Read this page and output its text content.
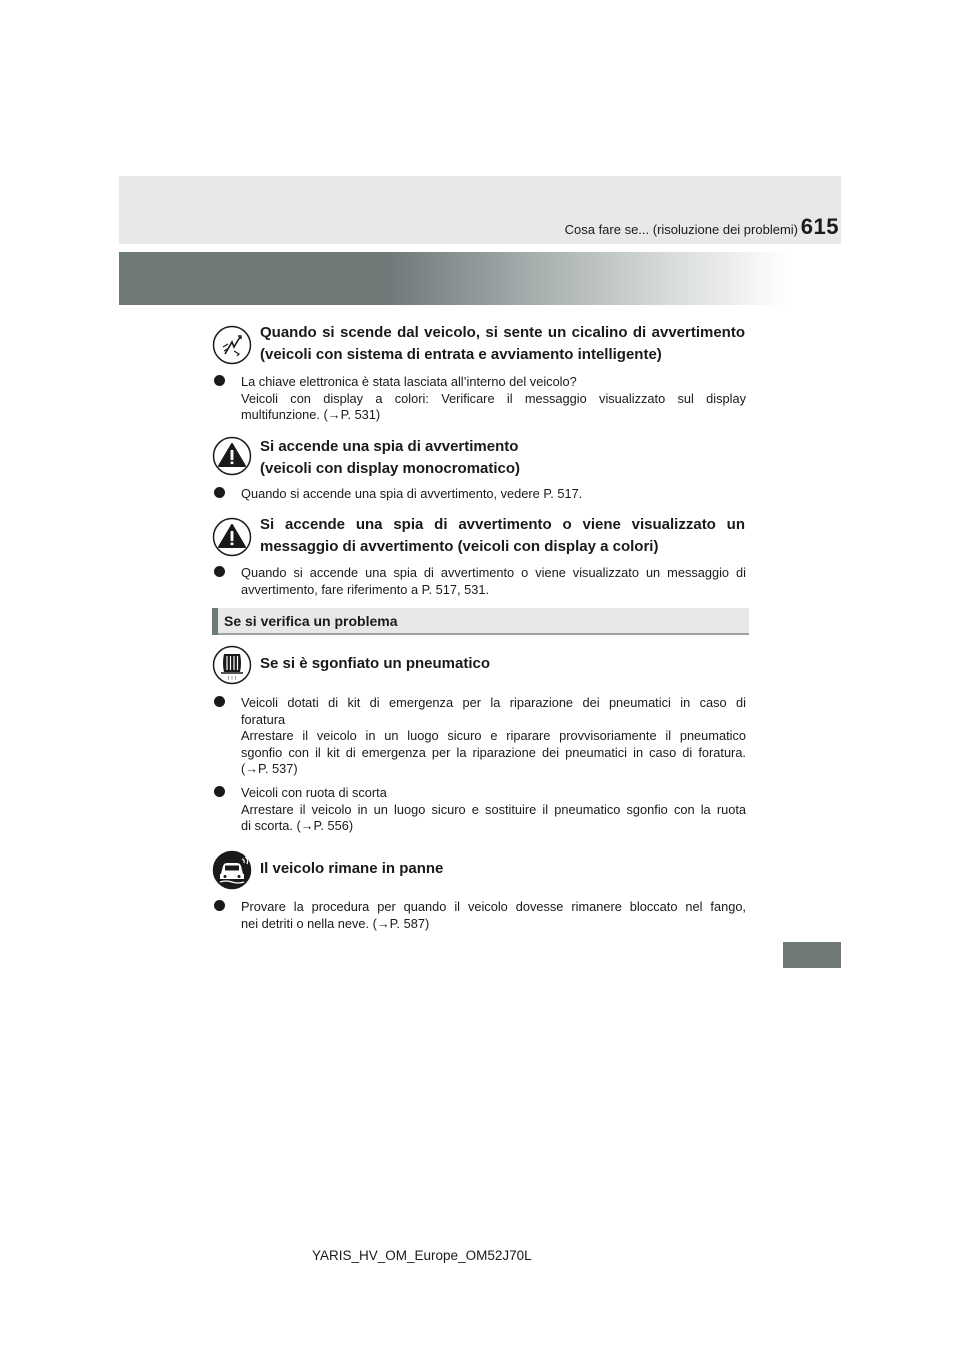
Cosa fare se... (risoluzione dei problemi) 615
Quando si scende dal veicolo, si sente un cicalino di avvertimento
(veicoli con sistema di entrata e avviamento intelligente)
La chiave elettronica è stata lasciata all’interno del veicolo?
Veicoli con display a colori: Verificare il messaggio visualizzato sul display
multifunzione. (→P. 531)
Si accende una spia di avvertimento
(veicoli con display monocromatico)
Quando si accende una spia di avvertimento, vedere P. 517.
Si accende una spia di avvertimento o viene visualizzato un
messaggio di avvertimento (veicoli con display a colori)
Quando si accende una spia di avvertimento o viene visualizzato un messaggio di
avvertimento, fare riferimento a P. 517, 531.
Se si verifica un problema
! ! !
Se si è sgonfiato un pneumatico
Veicoli dotati di kit di emergenza per la riparazione dei pneumatici in caso di
foratura
Arrestare il veicolo in un luogo sicuro e riparare provvisoriamente il pneumatico
sgonfio con il kit di emergenza per la riparazione dei pneumatici in caso di foratura.
(→P. 537)
Veicoli con ruota di scorta
Arrestare il veicolo in un luogo sicuro e sostituire il pneumatico sgonfio con la ruota
di scorta. (→P. 556)
Il veicolo rimane in panne
Provare la procedura per quando il veicolo dovesse rimanere bloccato nel fango,
nei detriti o nella neve. (→P. 587)
YARIS_HV_OM_Europe_OM52J70L
